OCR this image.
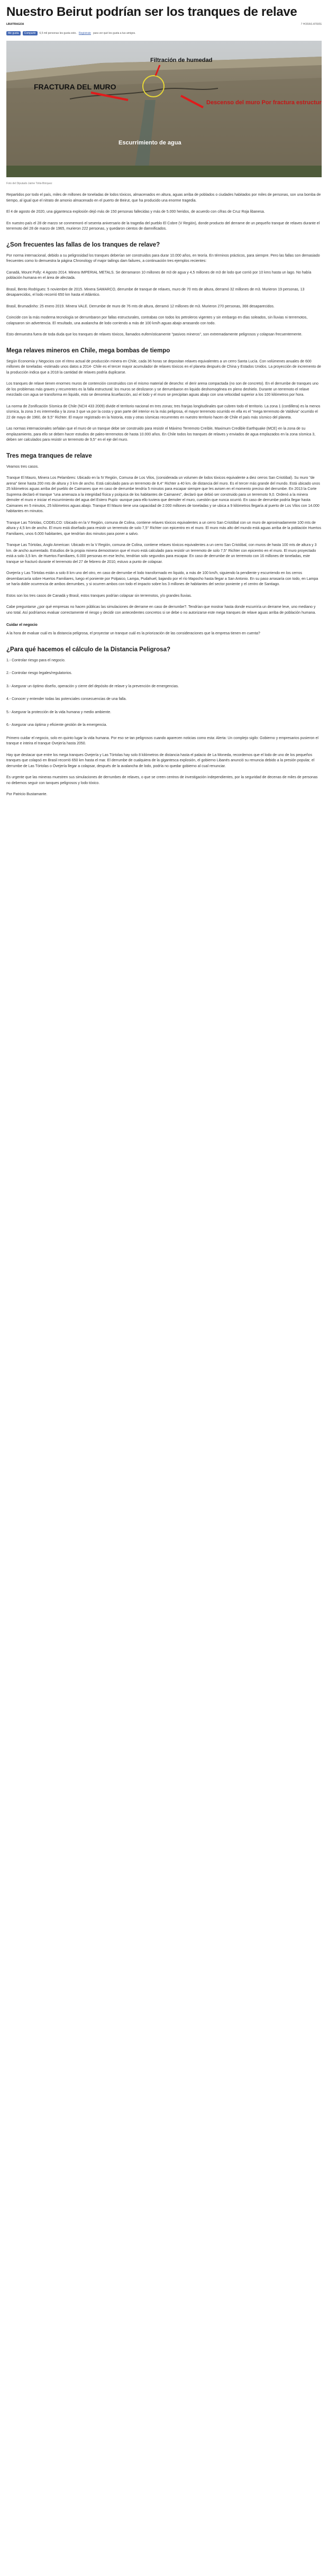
Nuestro Beirut podrían ser los tranques de relave
LBUITRAGOA	7 HORAS ATRÁS
Me gusta	Compartir	6,5 mil personas les gusta esto. Regístrate para ver qué les gusta a tus amigos.
Filtración de humedad
FRACTURA DEL MURO
Descenso del muro Por fractura estructural
Escurrimiento de agua
Foto del Diputado Jaime Tohá-Bórquez

Repartidos por todo el país, miles de millones de toneladas de lodos tóxicos, almacenados en altura, aguas arriba de poblados o ciudades habitados por miles de personas, son una bomba de tiempo, al igual que el nitrato de amonio almacenado en el puerto de Beirut, que ha producido una enorme tragedia.

El 4 de agosto de 2020, una gigantesca explosión dejó más de 150 personas fallecidas y más de 5.000 heridos, de acuerdo con cifras de Cruz Roja libanesa.

En nuestro país el 28 de marzo se conmemoró el sesenta aniversario de la tragedia del pueblo El Cobre (V Región), donde producto del derrame de un pequeño tranque de relaves durante el terremoto del 28 de marzo de 1965, murieron 222 personas, y quedaron cientos de damnificados.

¿Son frecuentes las fallas de los tranques de relave?

Por norma internacional, debido a su peligrosidad los tranques deberían ser construidos para durar 10.000 años, en teoría. En términos prácticos, para siempre. Pero las fallas son demasiado frecuentes como lo demuestra la página Chronology of major tailings dam failures, a continuación tres ejemplos recientes:

Canadá, Mount Polly: 4 Agosto 2014. Minera IMPERIAL METALS. Se derramaron 10 millones de m3 de agua y 4,5 millones de m3 de lodo que corrió por 10 kms hasta un lago. No había población humana en el área de afectada.

Brasil, Bento Rodrigues: 5 noviembre de 2015. Minera SAMARCO, derrumbe de tranque de relaves, muro de 70 mts de altura, derramó 32 millones de m3. Murieron 19 personas, 13 desaparecidos, el lodo recorrió 650 km hasta el Atlántico.

Brasil, Brumadinho: 25 enero 2019. Minera VALE. Derrumbe de muro de 76 mts de altura, derramó 12 millones de m3. Murieron 270 personas, 366 desaparecidos.

Coincide con la más moderna tecnología se derrumbaron por fallas estructurales, contrabas con todos los petroleros vigentes y sin embargo en días soleados, sin lluvias ni terremotos, colapsaron sin advertencia. El resultado, una avalancha de lodo corriendo a más de 100 km/h aguas abajo arrasando con todo.

Esto demuestra fuera de toda duda que los tranques de relaves tóxicos, llamados eufemísticamente "pasivos mineros", son extremadamente peligrosos y colapsan frecuentemente.

Mega relaves mineros en Chile, mega bombas de tiempo

Según Economía y Negocios con el ritmo actual de producción minera en Chile, cada 36 horas se depositan relaves equivalentes a un cerro Santa Lucía. Con volúmenes anuales de 600 millones de toneladas -estimado unos datos a 2014- Chile es el tercer mayor acumulador de relaves tóxicos en el planeta después de China y Estados Unidos. La proyección de incremento de la producción indica que a 2018 la cantidad de relaves podría duplicarse.

Los tranques de relave tienen enormes muros de contención construidos con el mismo material de desecho: el derir arena compactada (no son de concreto). En el derrumbe de tranques uno de los problemas más graves y recurrentes es la falla estructural: los muros se deslizaron y se derrumbaron en liquido deshomogénea en pleno deshielo. Durante un terremoto el relave mezclado con agua se transforma en liquido, esto se denomina licuefacción, así el lodo y el muro se precipitan aguas abajo con una velocidad superior a los 100 kilómetros por hora.

La norma de Zonificación Sísmica de Chile (NCH 433 2009) divide el territorio nacional en tres zonas; tres franjas longitudinales que cubren todo el territorio. La zona 1 (cordillera) es la menos sísmica, la zona 3 es intermedia y la zona 3 que va por la costa y gran parte del interior es la más peligrosa, el mayor terremoto ocurrido en ella es el "mega terremoto de Valdivia" ocurrido el 22 de mayo de 1960, de 9,5° Richter. El mayor registrado en la historia, esta y otras sísmicas recurrentes en nuestro territorio hacen de Chile el país más sísmico del planeta.

Las normas internacionales señalan que el muro de un tranque debe ser construido para resistir el Máximo Terremoto Creíble, Maximum Credible Earthquake (MCE) en la zona de su emplazamiento, para ello se deben hacer estudios de paleo-terremotos de hasta 10.000 años. En Chile todos los tranques de relaves y enviados de agua emplazados en la zona sísmica 3, deben ser calculados para resistir un terremoto de 9,5° en el eje del muro.

Tres mega tranques de relave

Veamos tres casos.

Tranque El Mauro, Minera Los Pelambres: Ubicado en la IV Región, Comuna de Los Vilos, (considerada un volumen de lodos tóxicos equivalente a diez cerros San Cristóbal). Su muro "de arena" tiene hasta 200 mts de altura y 3 km de ancho. Está calculado para un terremoto de 8,4° Richter a 40 km. de distancia del muro. Es el tercer más grande del mundo. Está ubicado unos 25 kilómetros aguas arriba del pueblo de Caimanes que en caso de derrumbe tendría 5 minutos para escapar siempre que les avisen en el momento preciso del derrumbe. En 2013 la Corte Suprema declaró el tranque "una amenaza a la integridad física y psíquica de los habitantes de Caimanes", declaró que debió ser construido para un terremoto 9,0. Ordenó a la minera demoler el muro e iniciar el escurrimiento del agua del Estero Pupío -aunque para ello tuviera que demoler el muro, cuestión que nunca ocurrió. En caso de derrumbe podría llegar hasta Caimanes en 5 minutos, 25 kilómetros aguas abajo. Tranque El Mauro tiene una capacidad de 2.000 millones de toneladas y se ubica a 9 kilómetros llegaría al puerto de Los Vilos con 14.000 habitantes en minutos.

Tranque Las Tórtolas, CODELCO: Ubicado en la V Región, comuna de Colina, contiene relaves tóxicos equivalentes a un cerro San Cristóbal con un muro de aproximadamente 100 mts de altura y 4,5 km de ancho. El muro está diseñado para resistir un terremoto de solo 7,5° Richter con epicentro en el muro. El muro más alto del mundo está aguas arriba de la población Huertos Familiares, unos 6.000 habitantes, que tendrían dos minutos para poner a salvo.

Tranque Las Tórtolas, Anglo American: Ubicado en la V Región, comuna de Colina, contiene relaves tóxicos equivalentes a un cerro San Cristóbal, con muros de hasta 100 mts de altura y 3 km. de ancho aumentado. Estudios de la propia minera demostraron que el muro está calculado para resistir un terremoto de solo 7,5° Richter con epicentro en el muro. El muro proyectado está a solo 3,5 km. de Huertos Familiares, 6.000 personas en ese lecho, tendrían solo segundos para escapar. En caso de derrumbe de un terremoto con 16 millones de toneladas, este tranque se fracturó durante el terremoto del 27 de febrero de 2010, estuvo a punto de colapsar.

Ovejería y Las Tórtolas están a solo 8 km uno del otro, en caso de derrumbe el lodo transformado en liquido, a más de 100 km/h, siguiendo la pendiente y escurriendo en los cerros desembarcaría sobre Huertos Familiares, luego el poniente por Polpaico, Lampa, Pudahuel, bajando por el río Mapocho hasta llegar a San Antonio. En su paso arrasaría con todo, en Lampa se haría doble ocurrencia de ambos derrumbes, y si ocurren ambos con todo el impacto sobre los 3 millones de habitantes del sector poniente y el centro de Santiago.

Estos son los tres casos de Canadá y Brasil, estos tranques podrían colapsar sin terremotos, y/o grandes lluvias.

Cabe preguntarse ¿por qué empresas no hacen públicas las simulaciones de derrame en caso de derrumbe?. Tendrían que mostrar hasta donde escurriría un derrame leve, uno mediano y uno total. Así podríamos evaluar correctamente el riesgo y decidir con antecedentes concretos si se debe o no autorizarse este mega tranques de relave aguas arriba de población humana.

Cuidar el negocio

A la hora de evaluar cuál es la distancia peligrosa, el proyectar un tranque cuál es la priorización de las consideraciones que la empresa tienen en cuenta?

¿Para qué hacemos el cálculo de la Distancia Peligrosa?
1.- Controlar riesgo para el negocio.
2.- Controlar riesgo legales/regulatorios.
3.- Asegurar un óptimo diseño, operación y cierre del depósito de relave y la prevención de emergencias.
4.- Conocer y entender todas las potenciales consecuencias de una falla.
5.- Asegurar la protección de la vida humana y medio ambiente.
6.- Asegurar una óptima y eficiente gestión de la emergencia.

Primero cuidar el negocio, solo en quinto lugar la vida humana. Por eso se tan peligrosos cuando aparecen noticias como esta: Alerta: Un complejo sigilo: Gobierno y empresarios pusieron el tranque e inteira el tranque Ovejería hasta 2050.

Hay que destacar que entre los mega tranques Ovejería y Las Tórtolas hay solo 8 kilómetros de distancia hasta el palacio de La Moneda, recordemos que el lodo de uno de los pequeños tranques que colapsó en Brasil recorrió 650 km hasta el mar. El derrumbe de cualquiera de la gigantesca explosión, el gobierno Libanés anunció su renuncia debido a la presión popular, el derrumbe de Las Tórtolas o Ovejería llegar a colapsar, después de la avalancha de lodo, podría no quedar gobierno al cual renunciar.

Es urgente que las mineras muestren sus simulaciones de derrumbes de relaves, o que se creen centros de investigación independientes, por la seguridad de decenas de miles de personas no debemos seguir con tanques peligrosos y lodo tóxico.

Por Patricio Bustamante.
